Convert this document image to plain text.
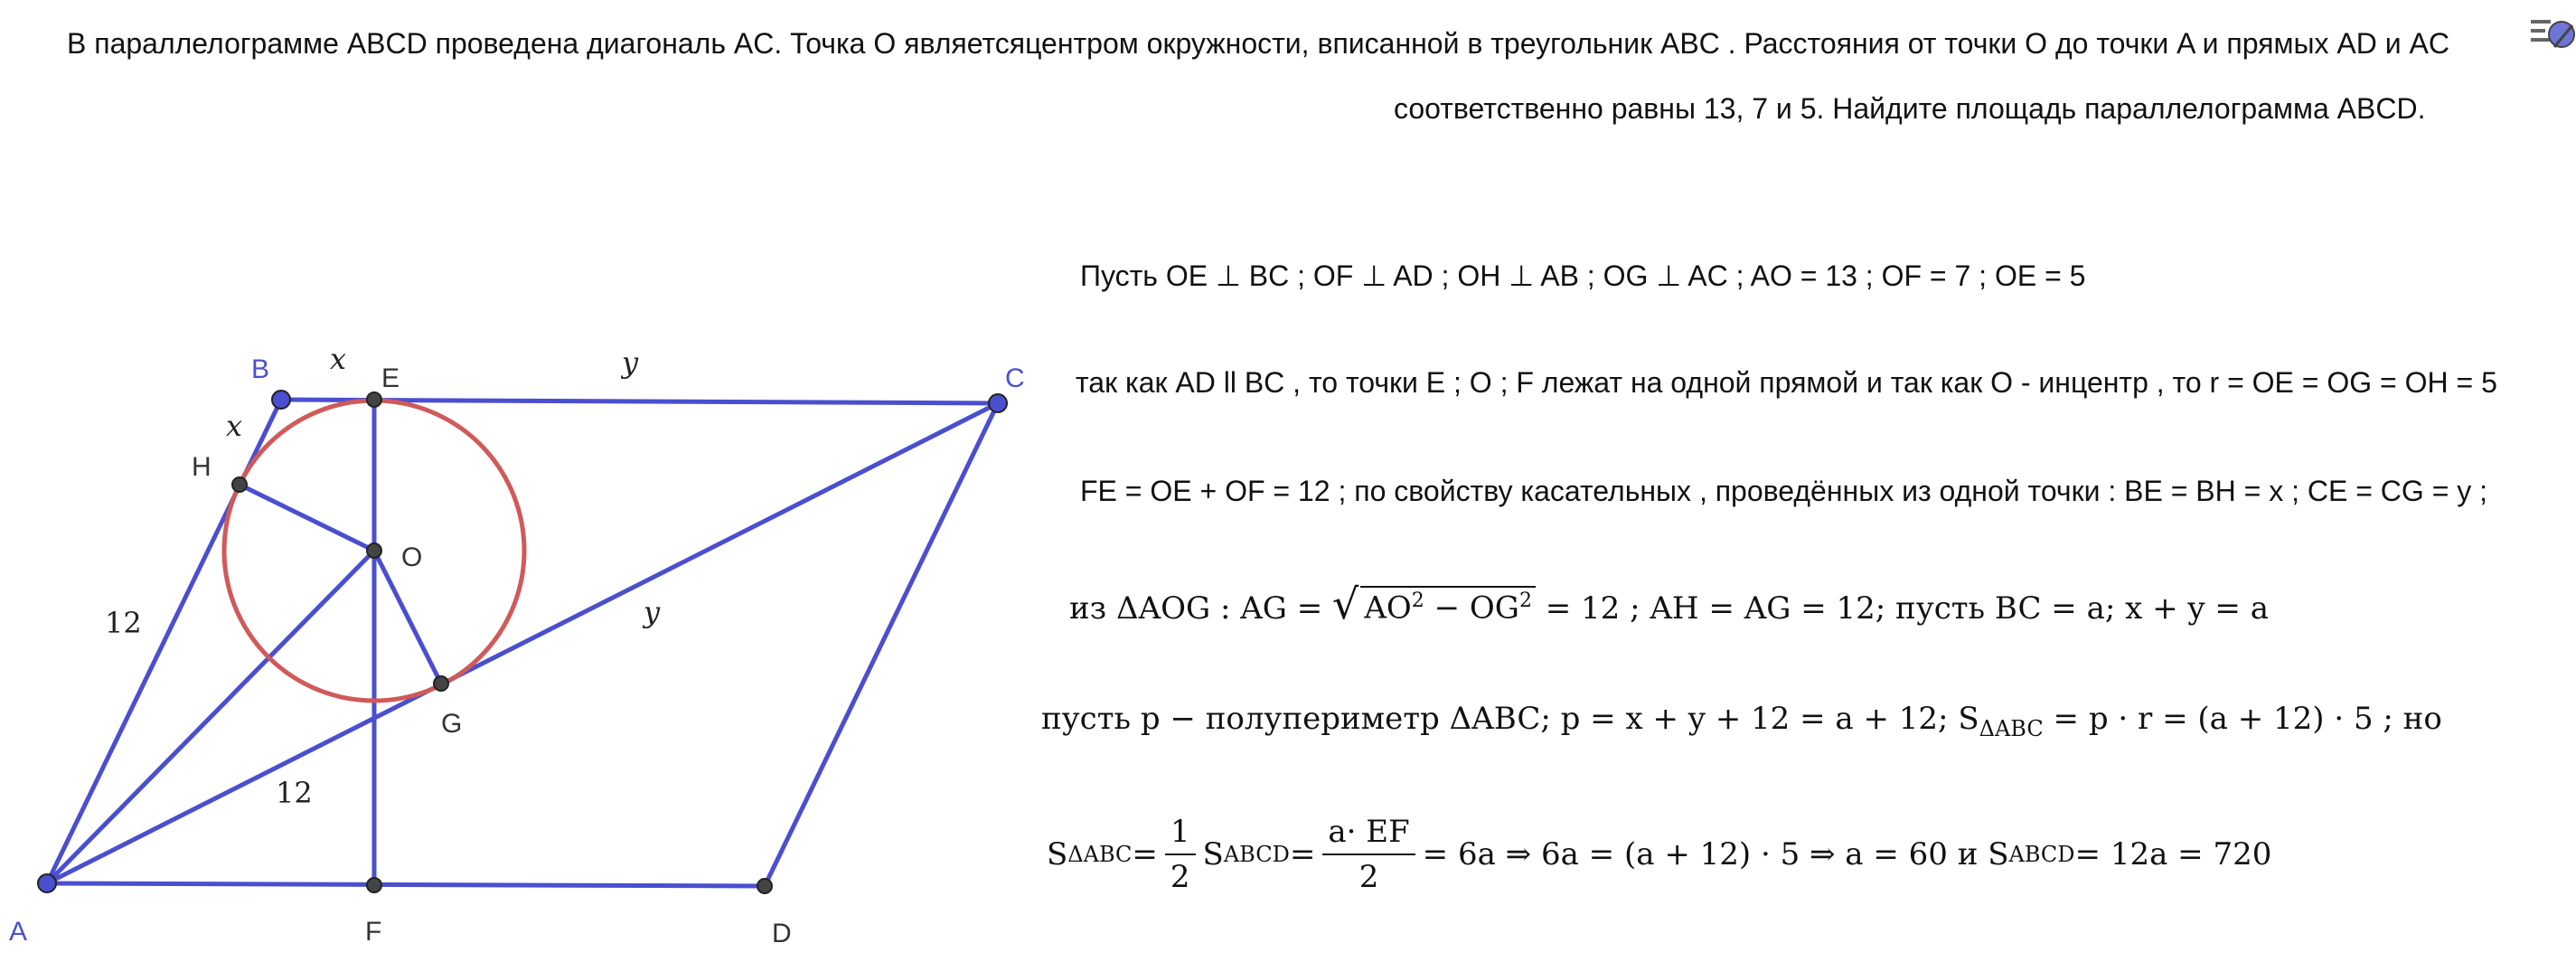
В параллелограмме ABCD проведена диагональ AC. Точка O являетсяцентром окружности, вписанной в треугольник ABC . Расстояния от точки O до точки A и прямых AD и AC
соответственно равны 13, 7 и 5. Найдите площадь параллелограмма ABCD.
A
B	C
D
E
H
O
G
F
x
x
y
y
12
12
Пусть OE ⊥ BC ; OF ⊥ AD ; OH ⊥ AB ; OG ⊥ AC ; AO = 13 ; OF = 7 ; OE = 5
так как AD ll BC , то точки E ; O ; F лежат на одной прямой и так как O - инцентр , то r = OE = OG = OH = 5
FE = OE + OF = 12 ; по свойству касательных , проведённых из одной точки : BE = BH = x ; CE = CG = y ;
из ΔAOG : AG = √ $AO^2 - OG^2 = 12$ ; AH = AG = 12; пусть BC = a; x + y = a
пусть p − полупериметр ΔABC; p = x + y + 12 = a + 12; $S_{\Delta ABC} = p \cdot r = (a + 12) \cdot 5$ ; но
S $\Delta ABC = \frac{1}{2}$ S ABCD = $\frac{a\cdot EF}{2} = 6a$ ⇒ 6a = (a + 12) · 5 ⇒ a = 60 и S ABCD = 12a = 720
